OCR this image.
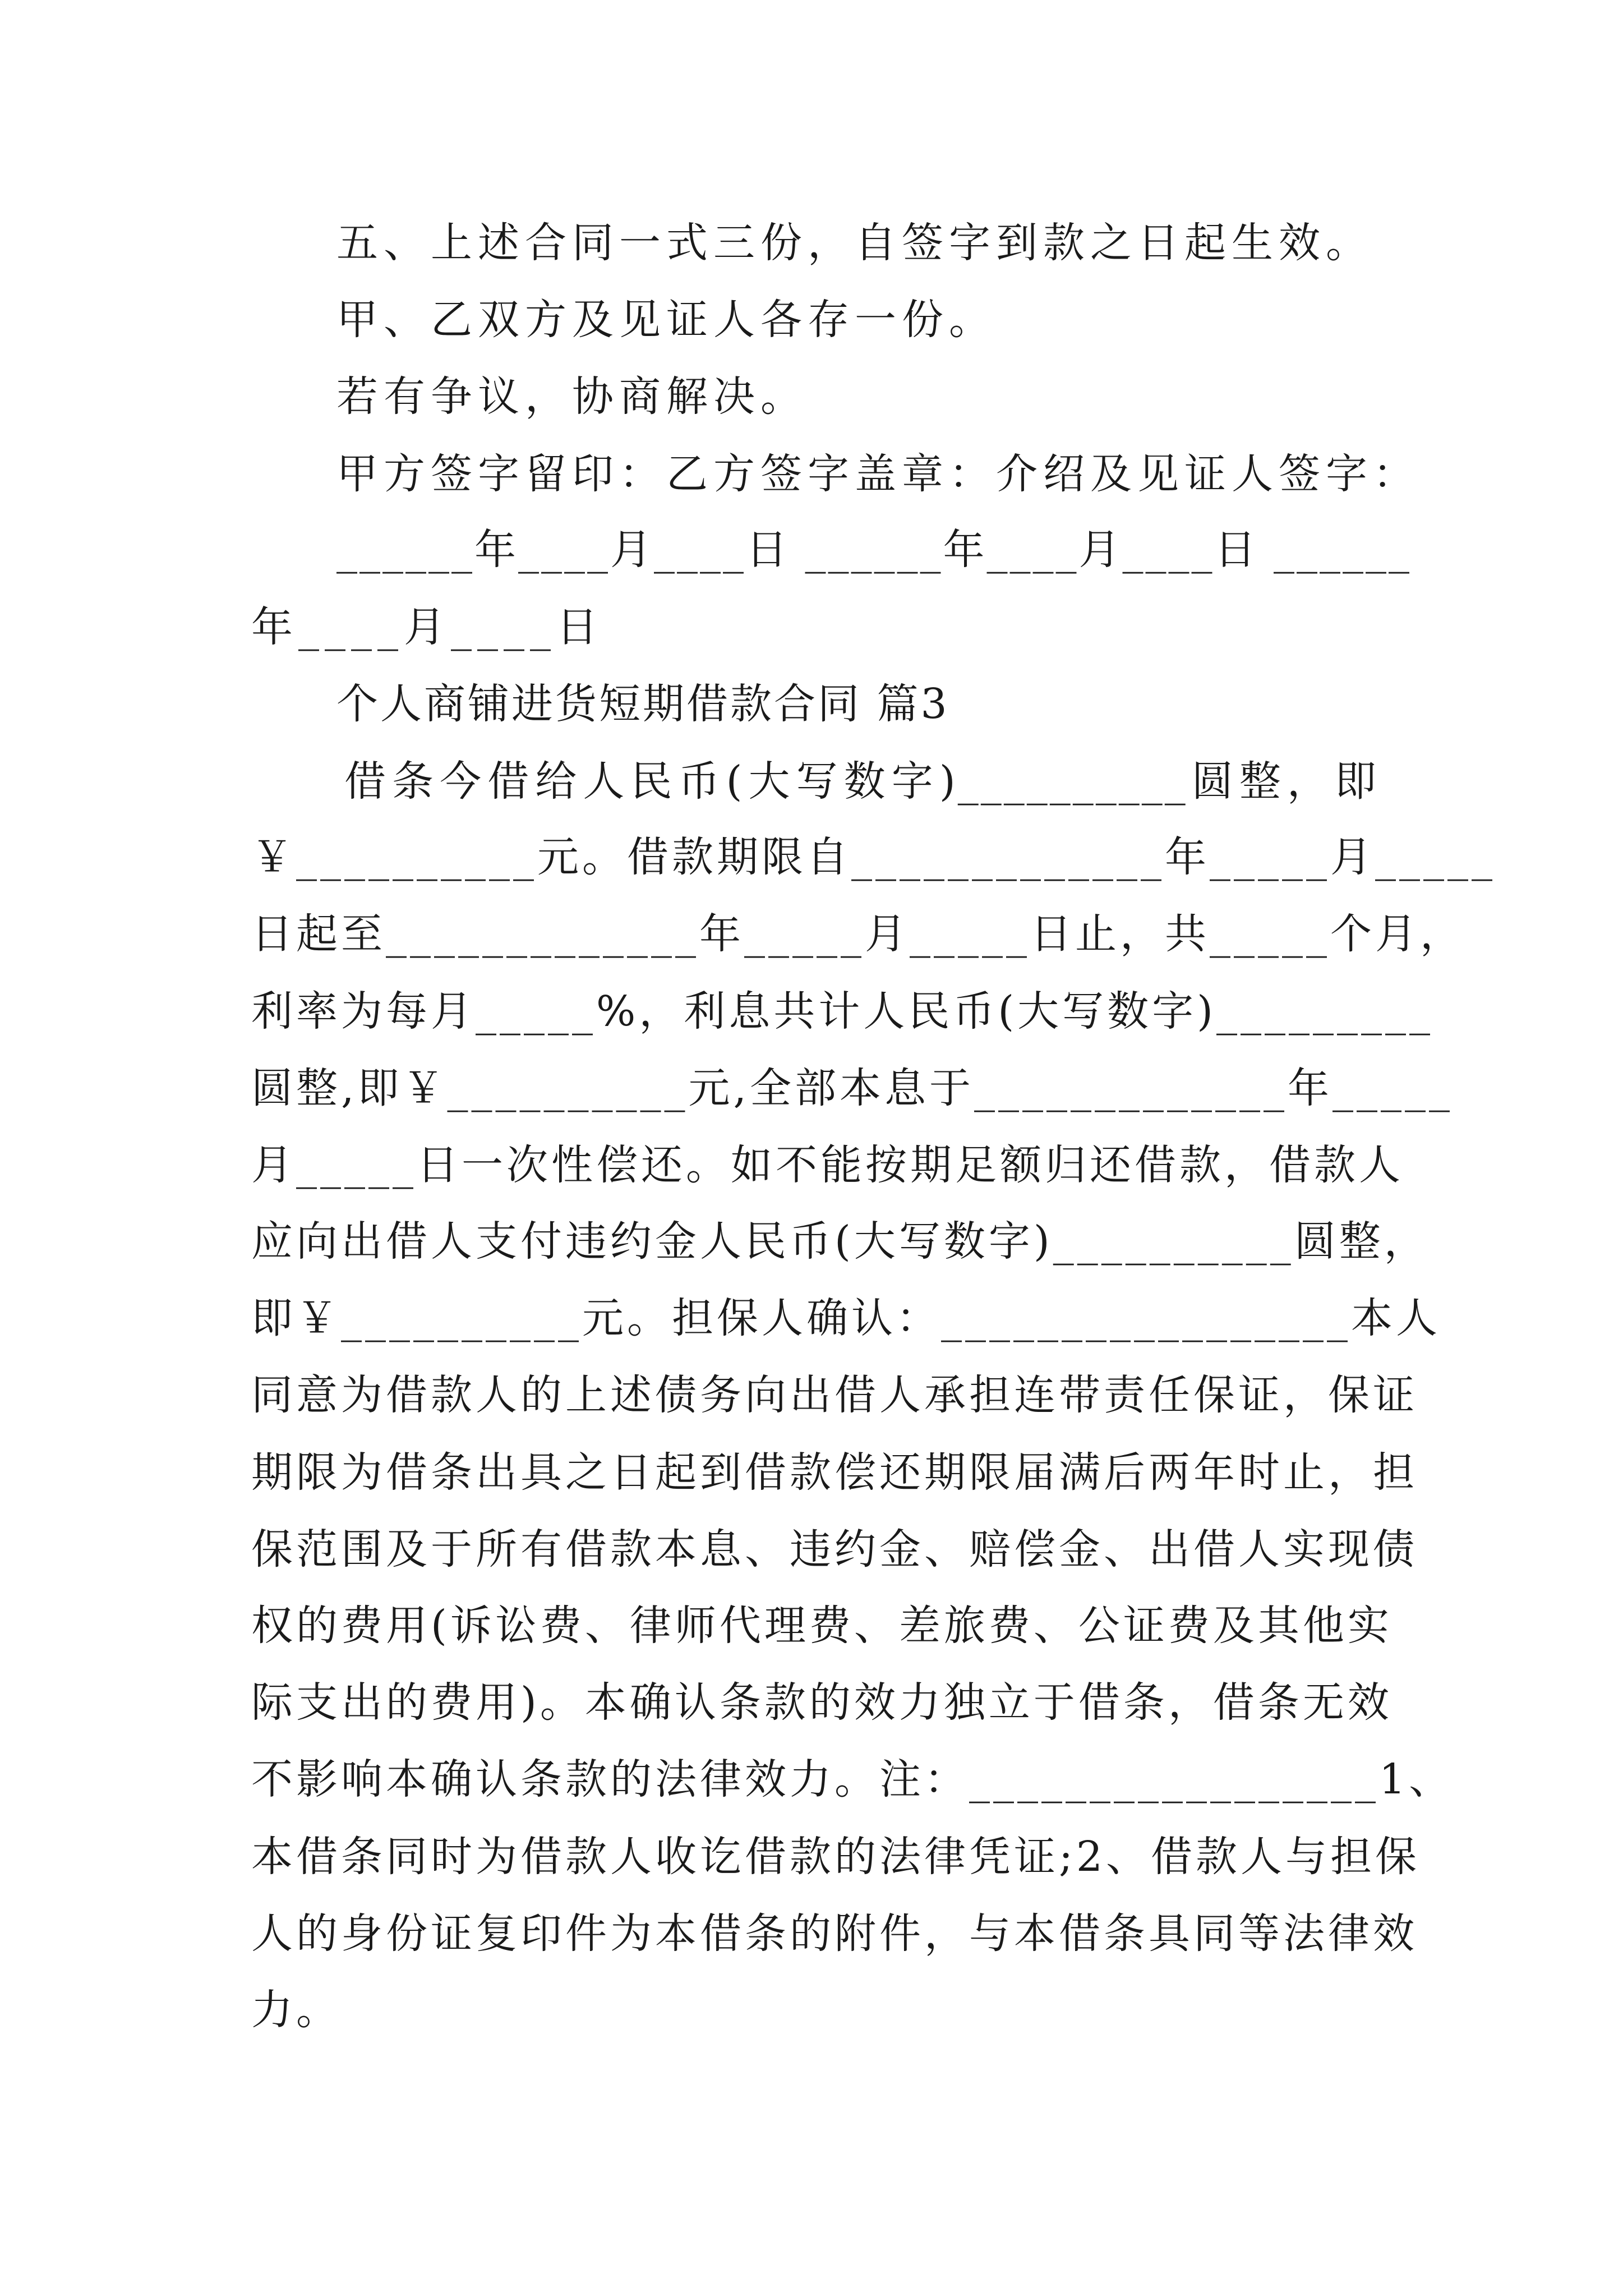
五、上述合同一式三份，自签字到款之日起生效。
甲、乙双方及见证人各存一份。
若有争议，协商解决。
甲方签字留印：乙方签字盖章：介绍及见证人签字：
______年____月____日 ______年____月____日 ______
年____月____日
个人商铺进货短期借款合同 篇3
借条今借给人民币(大写数字)__________圆整，即
￥__________元。借款期限自_____________年_____月_____
日起至_____________年_____月_____日止，共_____个月，
利率为每月_____%，利息共计人民币(大写数字)_________
圆整,即￥__________元,全部本息于_____________年_____
月_____日一次性偿还。如不能按期足额归还借款，借款人
应向出借人支付违约金人民币(大写数字)__________圆整，
即￥__________元。担保人确认：_________________本人
同意为借款人的上述债务向出借人承担连带责任保证，保证
期限为借条出具之日起到借款偿还期限届满后两年时止，担
保范围及于所有借款本息、违约金、赔偿金、出借人实现债
权的费用(诉讼费、律师代理费、差旅费、公证费及其他实
际支出的费用)。本确认条款的效力独立于借条，借条无效
不影响本确认条款的法律效力。注：_________________1、
本借条同时为借款人收讫借款的法律凭证;2、借款人与担保
人的身份证复印件为本借条的附件，与本借条具同等法律效
力。
